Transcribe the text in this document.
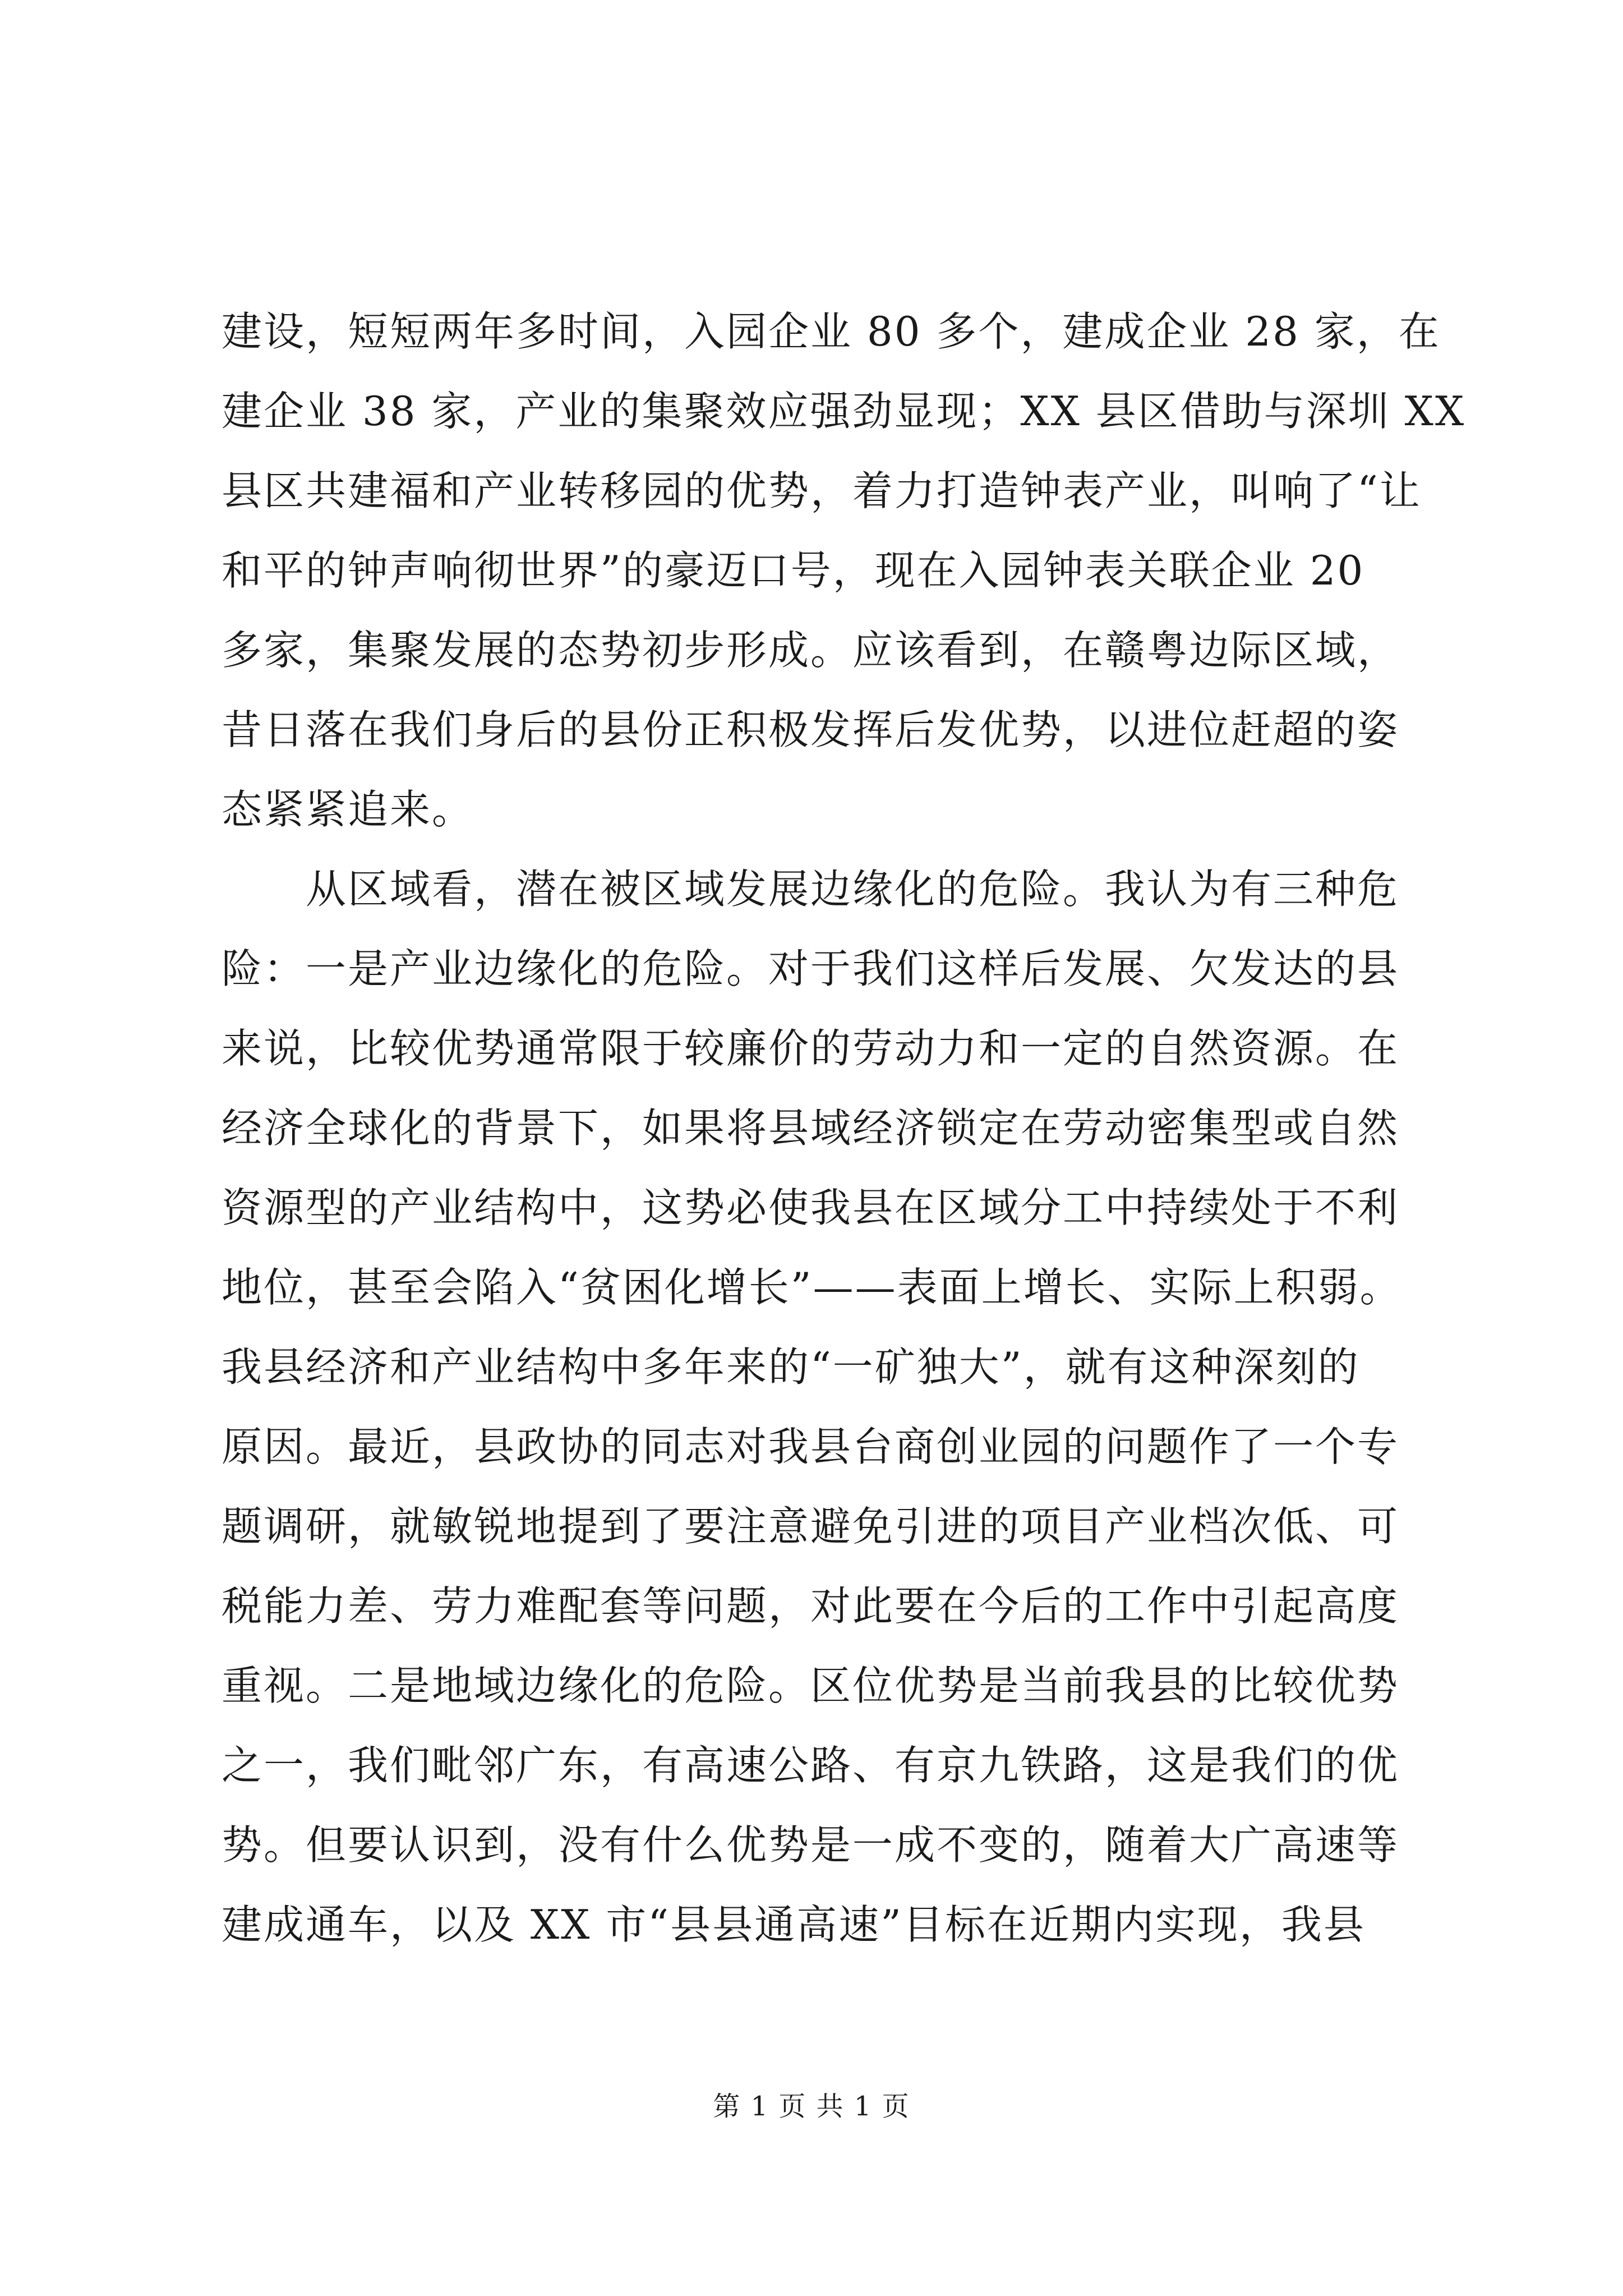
建设，短短两年多时间，入园企业 80 多个，建成企业 28 家，在
建企业 38 家，产业的集聚效应强劲显现；XX 县区借助与深圳 XX
县区共建福和产业转移园的优势，着力打造钟表产业，叫响了“让
和平的钟声响彻世界”的豪迈口号，现在入园钟表关联企业 20
多家，集聚发展的态势初步形成。应该看到，在赣粤边际区域，
昔日落在我们身后的县份正积极发挥后发优势，以进位赶超的姿
态紧紧追来。
从区域看，潜在被区域发展边缘化的危险。我认为有三种危
险：一是产业边缘化的危险。对于我们这样后发展、欠发达的县
来说，比较优势通常限于较廉价的劳动力和一定的自然资源。在
经济全球化的背景下，如果将县域经济锁定在劳动密集型或自然
资源型的产业结构中，这势必使我县在区域分工中持续处于不利
地位，甚至会陷入“贫困化增长”——表面上增长、实际上积弱。
我县经济和产业结构中多年来的“一矿独大”，就有这种深刻的
原因。最近，县政协的同志对我县台商创业园的问题作了一个专
题调研，就敏锐地提到了要注意避免引进的项目产业档次低、可
税能力差、劳力难配套等问题，对此要在今后的工作中引起高度
重视。二是地域边缘化的危险。区位优势是当前我县的比较优势
之一，我们毗邻广东，有高速公路、有京九铁路，这是我们的优
势。但要认识到，没有什么优势是一成不变的，随着大广高速等
建成通车，以及 XX 市“县县通高速”目标在近期内实现，我县
第 1 页 共 1 页
